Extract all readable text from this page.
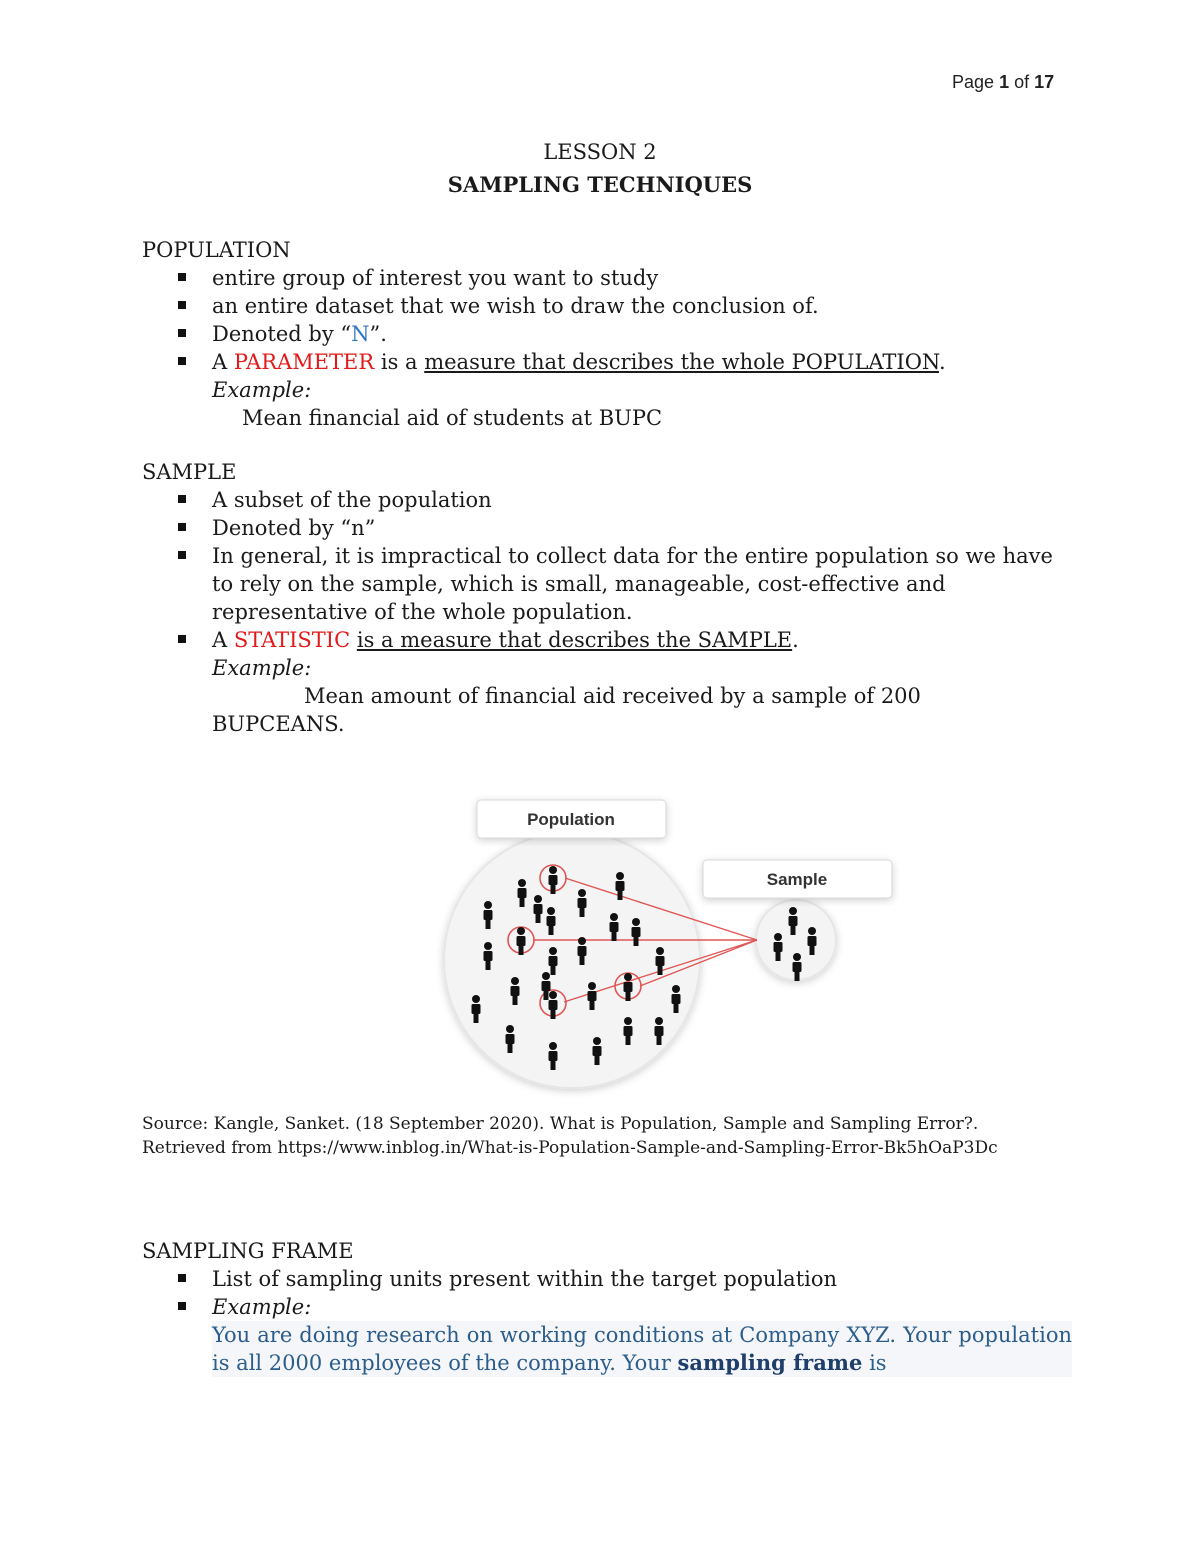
Page 1 of 17
LESSON 2
SAMPLING TECHNIQUES

POPULATION

entire group of interest you want to study
an entire dataset that we wish to draw the conclusion of.
Denoted by “N”.
A PARAMETER is a measure that describes the whole POPULATION.
Example:
Mean financial aid of students at BUPC

SAMPLE

A subset of the population
Denoted by “n”
In general, it is impractical to collect data for the entire population so we have to rely on the sample, which is small, manageable, cost-effective and representative of the whole population.
A STATISTIC is a measure that describes the SAMPLE.
Example:
Mean amount of financial aid received by a sample of 200
BUPCEANS.
Population
Sample
Source: Kangle, Sanket. (18 September 2020). What is Population, Sample and Sampling Error?. Retrieved from https://www.inblog.in/What-is-Population-Sample-and-Sampling-Error-Bk5hOaP3Dc

SAMPLING FRAME

List of sampling units present within the target population
Example:
You are doing research on working conditions at Company XYZ. Your population is all 2000 employees of the company. Your sampling frame is
